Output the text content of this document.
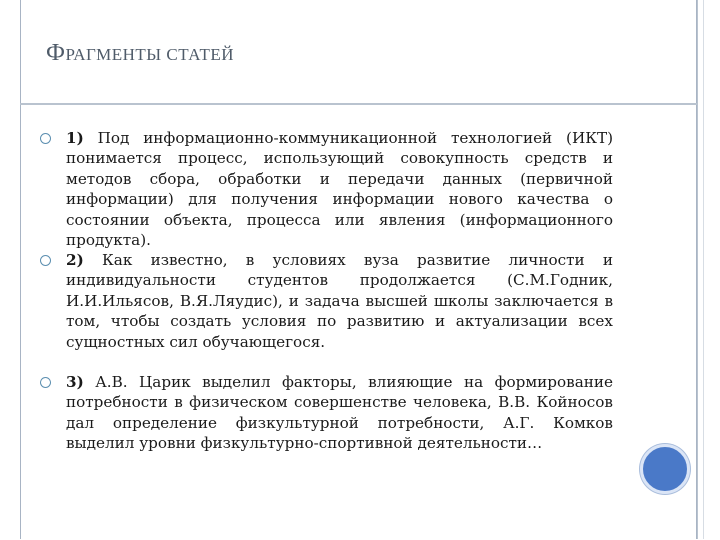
ФРАГМЕНТЫ СТАТЕЙ
1) Под информационно-коммуникационной технологией (ИКТ) понимается процесс, использующий совокупность средств и методов сбора, обработки и передачи данных (первичной информации) для получения информации нового качества о состоянии объекта, процесса или явления (информационного продукта).
2) Как известно, в условиях вуза развитие личности и индивидуальности студентов продолжается (С.М.Годник, И.И.Ильясов, В.Я.Ляудис), и задача высшей школы заключается в том, чтобы создать условия по развитию и актуализации всех сущностных сил обучающегося.
3) А.В. Царик выделил факторы, влияющие на формирование потребности в физическом совершенстве человека, В.В. Койносов дал определение физкультурной потребности, А.Г. Комков выделил уровни физкультурно-спортивной деятельности…
